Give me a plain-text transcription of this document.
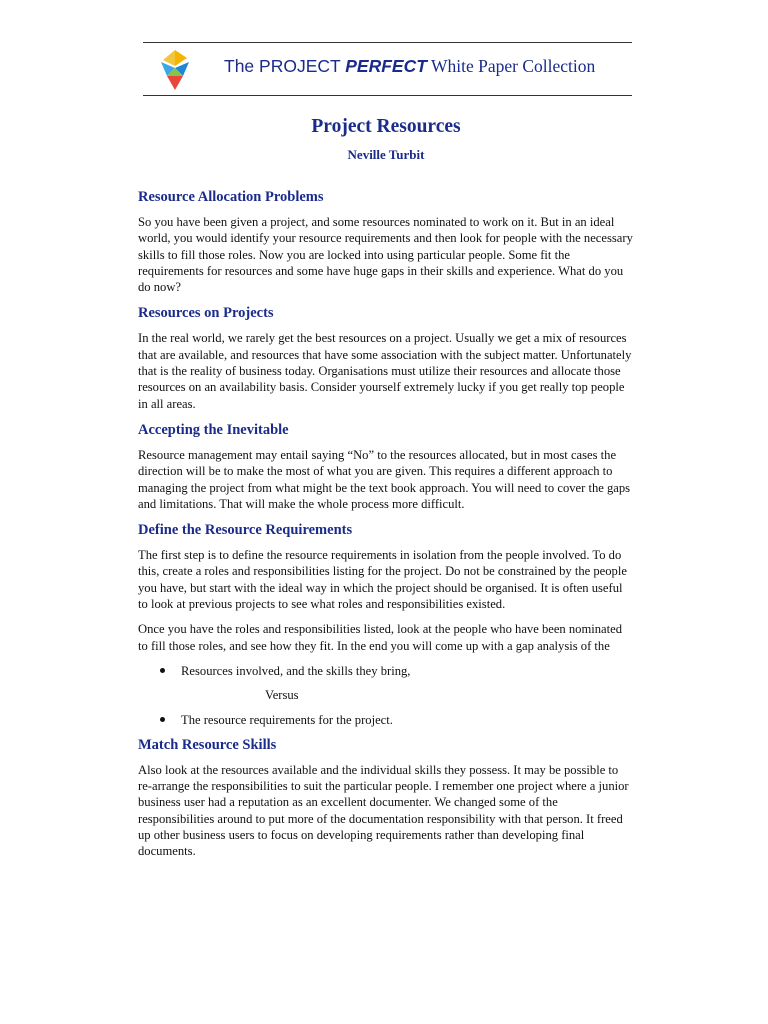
The PROJECT PERFECT White Paper Collection
Project Resources
Neville Turbit
Resource Allocation Problems

So you have been given a project, and some resources nominated to work on it. But in an ideal world, you would identify your resource requirements and then look for people with the necessary skills to fill those roles. Now you are locked into using particular people. Some fit the requirements for resources and some have huge gaps in their skills and experience. What do you do now?

Resources on Projects

In the real world, we rarely get the best resources on a project. Usually we get a mix of resources that are available, and resources that have some association with the subject matter. Unfortunately that is the reality of business today. Organisations must utilize their resources and allocate those resources on an availability basis. Consider yourself extremely lucky if you get really top people in all areas.

Accepting the Inevitable

Resource management may entail saying “No” to the resources allocated, but in most cases the direction will be to make the most of what you are given. This requires a different approach to managing the project from what might be the text book approach. You will need to cover the gaps and limitations. That will make the whole process more difficult.

Define the Resource Requirements

The first step is to define the resource requirements in isolation from the people involved. To do this, create a roles and responsibilities listing for the project. Do not be constrained by the people you have, but start with the ideal way in which the project should be organised. It is often useful to look at previous projects to see what roles and responsibilities existed.

Once you have the roles and responsibilities listed, look at the people who have been nominated to fill those roles, and see how they fit. In the end you will come up with a gap analysis of the

Resources involved, and the skills they bring,
Versus
The resource requirements for the project.
Match Resource Skills

Also look at the resources available and the individual skills they possess. It may be possible to re-arrange the responsibilities to suit the particular people. I remember one project where a junior business user had a reputation as an excellent documenter. We changed some of the responsibilities around to put more of the documentation responsibility with that person. It freed up other business users to focus on developing requirements rather than developing final documents.
